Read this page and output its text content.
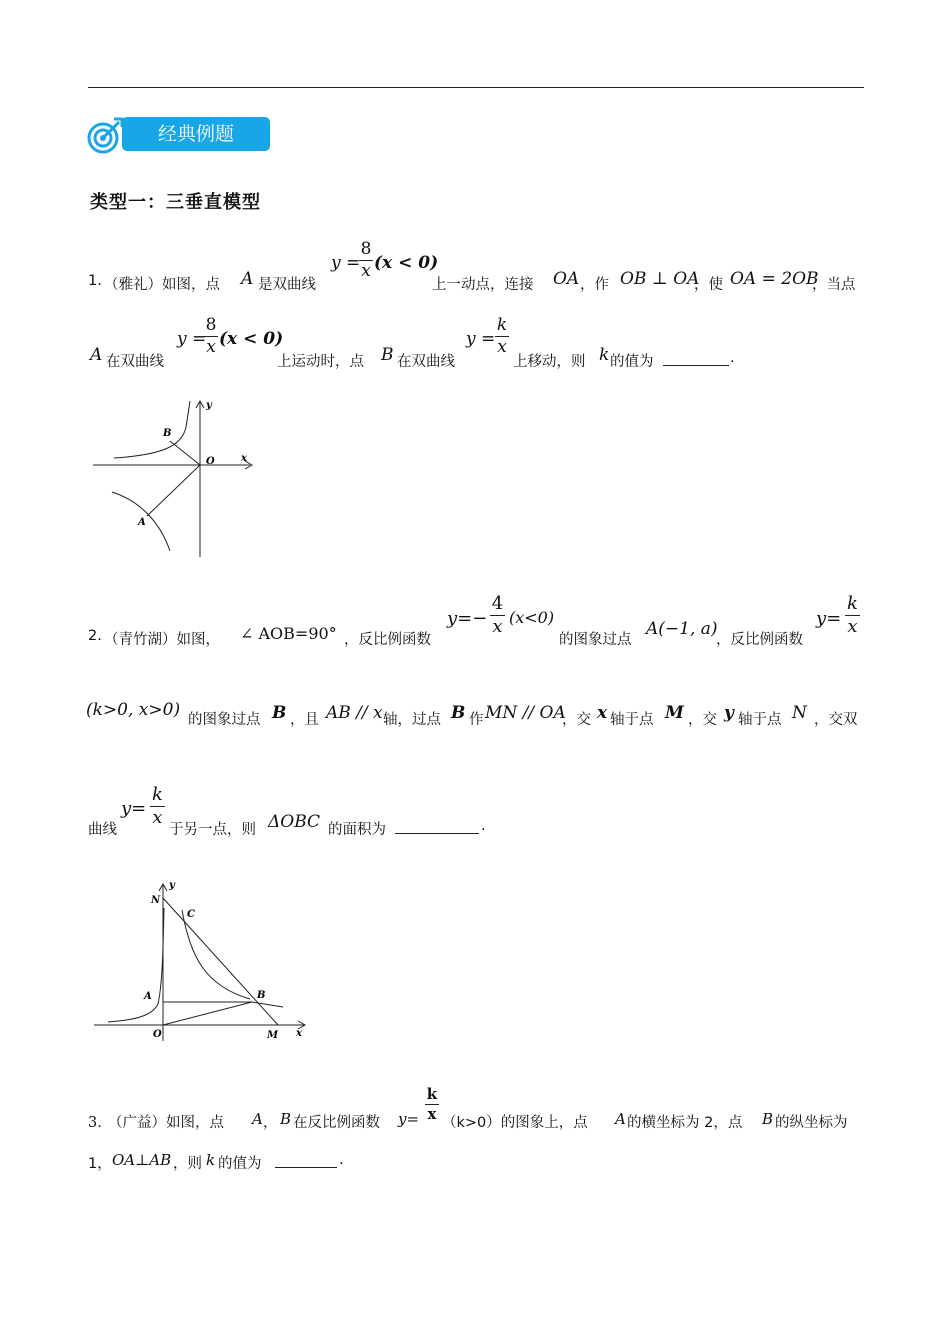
经典例题
类型一：三垂直模型
1. （雅礼）如图，点 A 是双曲线
y =
8
x (x < 0)
上一动点，连接 OA ，作 OB ⊥ OA
，使 OA = 2OB
，当点
A 在双曲线
y =
8
x (x < 0)
上运动时，点 B 在双曲线
y =
k
x
上移动，则 k 的值为	.
y
x
O
B
A
2. （青竹湖）如图， ∠ AOB=90° ，反比例函数
y=−
4
x (x<0)
的图象过点
A(−1, a)
，反比例函数
y=
k
x
(k>0, x>0) 的图象过点 B ，且 AB // x 轴，过点 B 作 MN // OA
，交 x 轴于点 M ，交 y 轴于点 N ，交双
曲线
y=
k
x
于另一点，则 ΔOBC 的面积为	.
y
N
C
A	B
O	M x
3．
（广益）如图，点 A ， B 在反比例函数 y=
k
x
（k>0）的图象上，点 A 的横坐标为 2，点 B 的纵坐标为
1， OA⊥AB ，则 k 的值为	.
